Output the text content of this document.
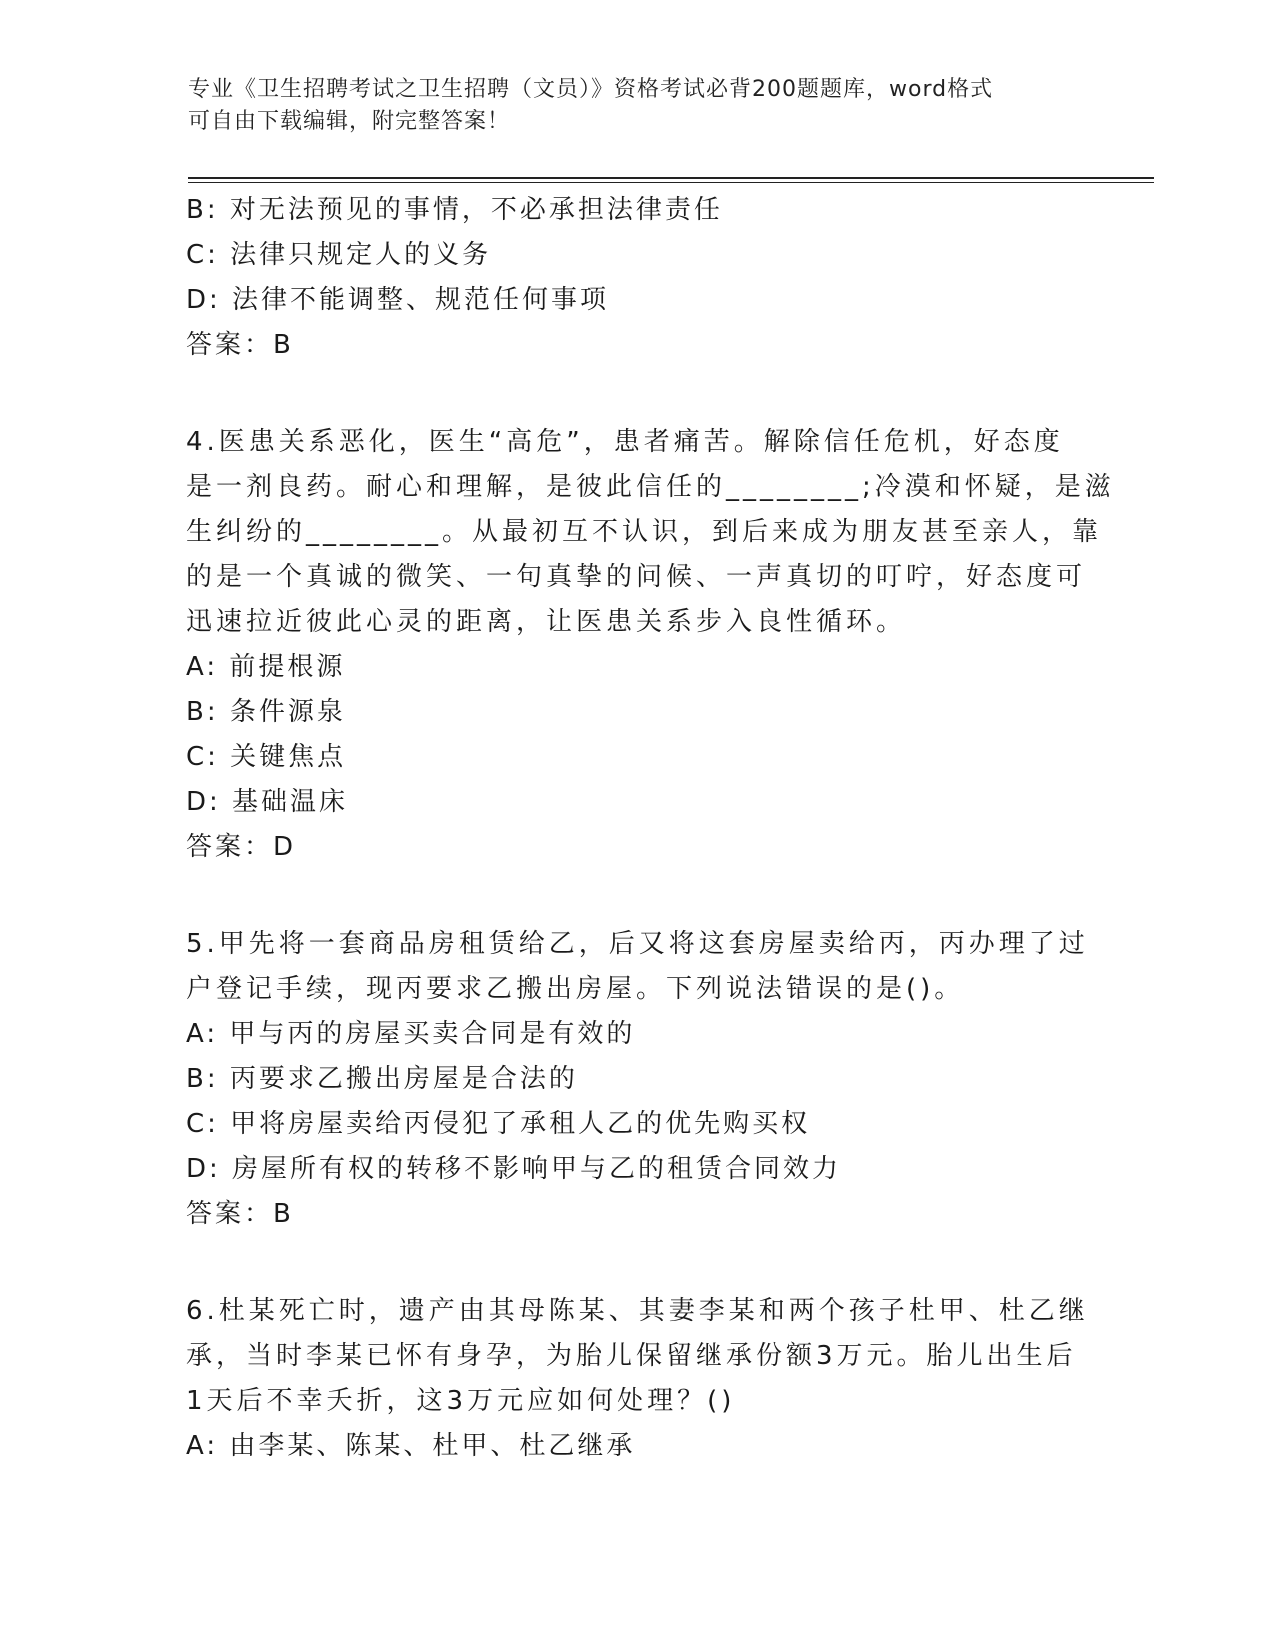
专业《卫生招聘考试之卫生招聘（文员）》资格考试必背200题题库，word格式
可自由下载编辑，附完整答案！
B: 对无法预见的事情，不必承担法律责任
C: 法律只规定人的义务
D: 法律不能调整、规范任何事项
答案：B
4.医患关系恶化，医生“高危”，患者痛苦。解除信任危机，好态度
是一剂良药。耐心和理解，是彼此信任的________;冷漠和怀疑，是滋
生纠纷的________。从最初互不认识，到后来成为朋友甚至亲人，靠
的是一个真诚的微笑、一句真挚的问候、一声真切的叮咛，好态度可
迅速拉近彼此心灵的距离，让医患关系步入良性循环。
A: 前提根源
B: 条件源泉
C: 关键焦点
D: 基础温床
答案：D
5.甲先将一套商品房租赁给乙，后又将这套房屋卖给丙，丙办理了过
户登记手续，现丙要求乙搬出房屋。下列说法错误的是()。
A: 甲与丙的房屋买卖合同是有效的
B: 丙要求乙搬出房屋是合法的
C: 甲将房屋卖给丙侵犯了承租人乙的优先购买权
D: 房屋所有权的转移不影响甲与乙的租赁合同效力
答案：B
6.杜某死亡时，遗产由其母陈某、其妻李某和两个孩子杜甲、杜乙继
承，当时李某已怀有身孕，为胎儿保留继承份额3万元。胎儿出生后
1天后不幸夭折，这3万元应如何处理？()
A: 由李某、陈某、杜甲、杜乙继承
